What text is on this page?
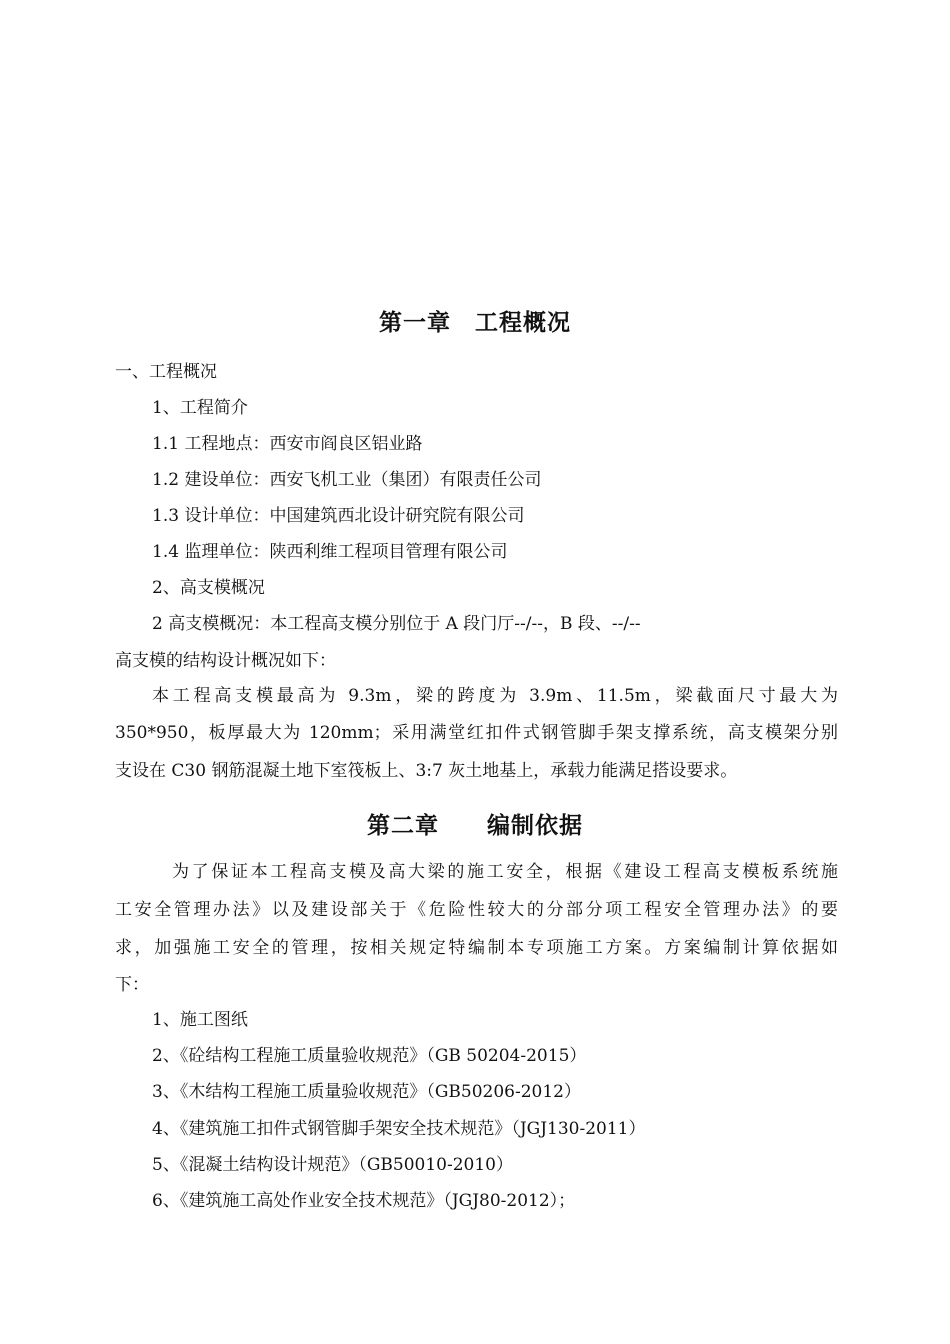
第一章　工程概况
一、工程概况
1、工程简介
1.1 工程地点：西安市阎良区铝业路
1.2 建设单位：西安飞机工业（集团）有限责任公司
1.3 设计单位：中国建筑西北设计研究院有限公司
1.4 监理单位：陕西利维工程项目管理有限公司
2、高支模概况
2 高支模概况：本工程高支模分别位于 A 段门厅--/--，B 段、--/--
高支模的结构设计概况如下：
本工程高支模最高为 9.3m，梁的跨度为 3.9m、11.5m，梁截面尺寸最大为
350*950，板厚最大为 120mm；采用满堂红扣件式钢管脚手架支撑系统，高支模架分别
支设在 C30 钢筋混凝土地下室筏板上、3:7 灰土地基上，承载力能满足搭设要求。
第二章　　编制依据
为了保证本工程高支模及高大梁的施工安全，根据《建设工程高支模板系统施
工安全管理办法》以及建设部关于《危险性较大的分部分项工程安全管理办法》的要
求，加强施工安全的管理，按相关规定特编制本专项施工方案。方案编制计算依据如
下：
1、施工图纸
2、《砼结构工程施工质量验收规范》（GB 50204-2015）
3、《木结构工程施工质量验收规范》（GB50206-2012）
4、《建筑施工扣件式钢管脚手架安全技术规范》（JGJ130-2011）
5、《混凝土结构设计规范》（GB50010-2010）
6、《建筑施工高处作业安全技术规范》（JGJ80-2012）；
